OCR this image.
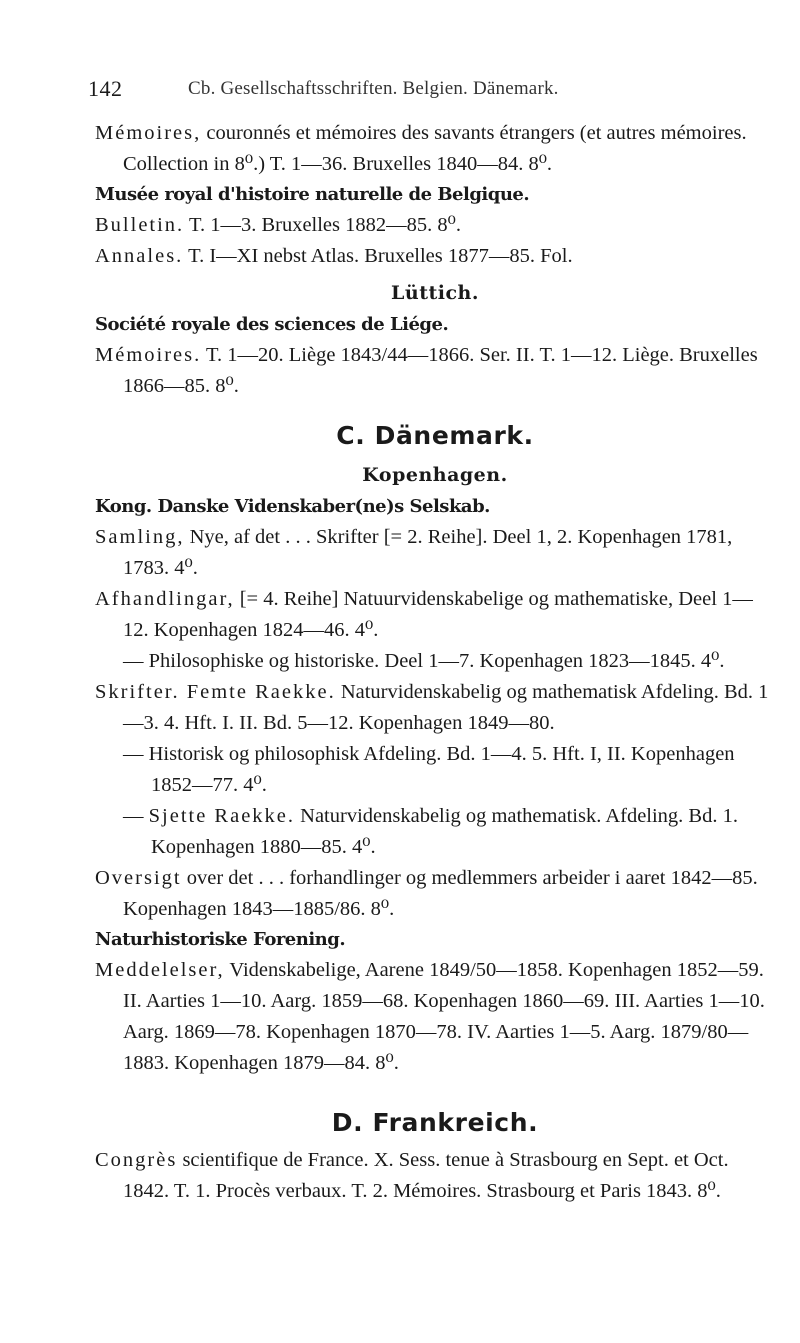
142	Cb. Gesellschaftsschriften. Belgien. Dänemark.

Mémoires, couronnés et mémoires des savants étrangers (et autres mémoires. Collection in 8⁰.) T. 1—36. Bruxelles 1840—84. 8⁰.

Musée royal d'histoire naturelle de Belgique.

Bulletin. T. 1—3. Bruxelles 1882—85. 8⁰.

Annales. T. I—XI nebst Atlas. Bruxelles 1877—85. Fol.

Lüttich.

Société royale des sciences de Liége.

Mémoires. T. 1—20. Liège 1843/44—1866. Ser. II. T. 1—12. Liège. Bruxelles 1866—85. 8⁰.

C. Dänemark.

Kopenhagen.

Kong. Danske Videnskaber(ne)s Selskab.

Samling, Nye, af det . . . Skrifter [= 2. Reihe]. Deel 1, 2. Kopenhagen 1781, 1783. 4⁰.

Afhandlingar, [= 4. Reihe] Natuurvidenskabelige og mathematiske, Deel 1—12. Kopenhagen 1824—46. 4⁰.

— Philosophiske og historiske. Deel 1—7. Kopenhagen 1823—1845. 4⁰.

Skrifter. Femte Raekke. Naturvidenskabelig og mathematisk Afdeling. Bd. 1—3. 4. Hft. I. II. Bd. 5—12. Kopenhagen 1849—80.

— Historisk og philosophisk Afdeling. Bd. 1—4. 5. Hft. I, II. Kopenhagen 1852—77. 4⁰.

— Sjette Raekke. Naturvidenskabelig og mathematisk. Afdeling. Bd. 1. Kopenhagen 1880—85. 4⁰.

Oversigt over det . . . forhandlinger og medlemmers arbeider i aaret 1842—85. Kopenhagen 1843—1885/86. 8⁰.

Naturhistoriske Forening.

Meddelelser, Videnskabelige, Aarene 1849/50—1858. Kopenhagen 1852—59. II. Aarties 1—10. Aarg. 1859—68. Kopenhagen 1860—69. III. Aarties 1—10. Aarg. 1869—78. Kopenhagen 1870—78. IV. Aarties 1—5. Aarg. 1879/80—1883. Kopenhagen 1879—84. 8⁰.

D. Frankreich.

Congrès scientifique de France. X. Sess. tenue à Strasbourg en Sept. et Oct. 1842. T. 1. Procès verbaux. T. 2. Mémoires. Strasbourg et Paris 1843. 8⁰.
